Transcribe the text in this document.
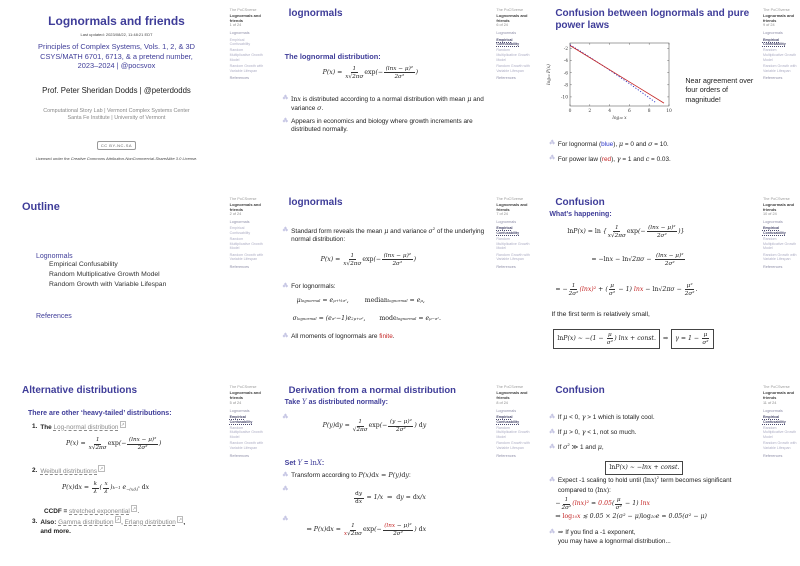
Lognormals and friends
Last updated: 2023/08/22, 11:48:21 EDT
Principles of Complex Systems, Vols. 1, 2, & 3D
CSYS/MATH 6701, 6713, & a pretend number,
2023–2024 | @pocsvox
Prof. Peter Sheridan Dodds | @peterdodds
Computational Story Lab | Vermont Complex Systems Center
Santa Fe Institute | University of Vermont
CC BY-NC-SA
Licensed under the Creative Commons Attribution-NonCommercial-ShareAlike 3.0 License.
The PoCSverse
Lognormals and friends
1 of 24
Lognormals
Empirical Confusability
Random Multiplicative Growth Model
Random Growth with Variable Lifespan
References
lognormals
The lognormal distribution:
$P(x) = \frac{1}{x√2\pi\sigma}$ exp (− $\frac{\text{(lnx − μ)²}}{\text{2σ²}}$ )
⁂ lnx is distributed according to a normal distribution with mean μ and variance σ.
⁂ Appears in economics and biology where growth increments are distributed normally.
The PoCSverse
Lognormals and friends
6 of 24
Lognormals
Empirical Confusability
Random Multiplicative Growth Model
Random Growth with Variable Lifespan
References
Confusion between lognormals and pure power laws
0	2	4	6	8	10
-2
-4
-6
-8
-10
log₁₀ x
log₁₀ P(x)	Near agreement over four orders of magnitude!
⁂ For lognormal (blue), μ = 0 and σ = 10.
⁂ For power law (red), γ = 1 and c = 0.03.
The PoCSverse
Lognormals and friends
9 of 24
Lognormals
Empirical Confusability
Random Multiplicative Growth Model
Random Growth with Variable Lifespan
References
Outline
Lognormals
Empirical Confusability
Random Multiplicative Growth Model
Random Growth with Variable Lifespan
References
The PoCSverse
Lognormals and friends
2 of 24
Lognormals
Empirical Confusability
Random Multiplicative Growth Model
Random Growth with Variable Lifespan
References
lognormals
⁂ Standard form reveals the mean μ and variance $\sigma^2$ of the underlying normal distribution:
$P(x) = \frac{1}{x√2\pi\sigma}$ exp (− $\frac{\text{(lnx − μ)²}}{\text{2σ²}}$ )
⁂ For lognormals:
μ lognormal = e μ+½σ² ,	median lognormal = e μ ,
σ lognormal = (e σ² −1)e 2μ+σ² , mode lognormal = e μ−σ² .
⁂ All moments of lognormals are finite.
The PoCSverse
Lognormals and friends
7 of 24
Lognormals
Empirical Confusability
Random Multiplicative Growth Model
Random Growth with Variable Lifespan
References
Confusion
What’s happening:
ln P(x) = ln { $\frac{1}{x√2\pi\sigma}$ exp (− $\frac{\text{(lnx − μ)²}}{\text{2σ²}}$ )}
= − $\ln x - \ln √2\pi\sigma - \frac{\text{(lnx − μ)²}}{\text{2σ²}}$
= − $\frac{1}{\text{2σ²}} (\ln x)^2$ + ( $\frac{\mu}{\text{σ²}} - 1$) $\ln x - \ln √2\pi\sigma - \frac{\text{μ²}}{\text{2σ²}}$ .
If the first term is relatively small,
ln P(x) ∼ $-(1 - \frac{\mu}{\text{σ²}}$ ) lnx + const. ⇒ $\gamma = 1 - \frac{\mu}{\text{σ²}}$
The PoCSverse
Lognormals and friends
10 of 24
Lognormals
Empirical Confusability
Random Multiplicative Growth Model
Random Growth with Variable Lifespan
References
Alternative distributions
There are other ‘heavy-tailed’ distributions:
1. The Log-normal distribution ↗
$P(x) = \frac{1}{x√2\pi\sigma}$ exp (− $\frac{\text{(lnx − μ)²}}{\text{2σ²}}$ )
2. Weibull distributions ↗
P(x) d $x = \frac{k}{\lambda}$ ( $\frac{x}{\lambda}$ ) k−1 $e -(x/\lambda)^k$ d x
CCDF = stretched exponential ↗.
3. Also: Gamma distribution ↗, Erlang distribution ↗, and more.
The PoCSverse
Lognormals and friends
5 of 24
Lognormals
Empirical Confusability
Random Multiplicative Growth Model
Random Growth with Variable Lifespan
References
Derivation from a normal distribution
Take Y as distributed normally:
⁂
P(y) d $y = \frac{1}{√2\pi\sigma}$ exp (− $\frac{\text{(y − μ)²}}{\text{2σ²}}$ ) d y
Set Y = lnX:
⁂ Transform according to P(x)dx = P(y)dy:
⁂
$\frac{\text{d y}}{\text{d x}} = 1/x$  ⇒ d y = d x/x
⁂
⇒ P(x) d $x = \frac{1}{x √2\pi\sigma}$ exp (− $\frac{\text{(lnx − μ)²}}{\text{2σ²}}$ ) d x
The PoCSverse
Lognormals and friends
8 of 24
Lognormals
Empirical Confusability
Random Multiplicative Growth Model
Random Growth with Variable Lifespan
References
Confusion
⁂ If μ < 0, γ > 1 which is totally cool.
⁂ If μ > 0, γ < 1, not so much.
⁂ If $\sigma^2$ ≫ 1 and μ,
ln P(x) ∼ −lnx + const.
⁂ Expect -1 scaling to hold until $(\ln x)^2$ term becomes significant compared to (lnx):
− $\frac{1}{\text{2σ²}} (\ln x)^2$ ≃ 0.05 ( $\frac{\mu}{\text{σ²}} - 1$) lnx
⇒ log 10 x ≲ 0.05 × 2(σ² − μ) log 10 e ≃ 0.05(σ² − μ)
⁂ ⇒ If you find a -1 exponent,
you may have a lognormal distribution...
The PoCSverse
Lognormals and friends
11 of 24
Lognormals
Empirical Confusability
Random Multiplicative Growth Model
Random Growth with Variable Lifespan
References
